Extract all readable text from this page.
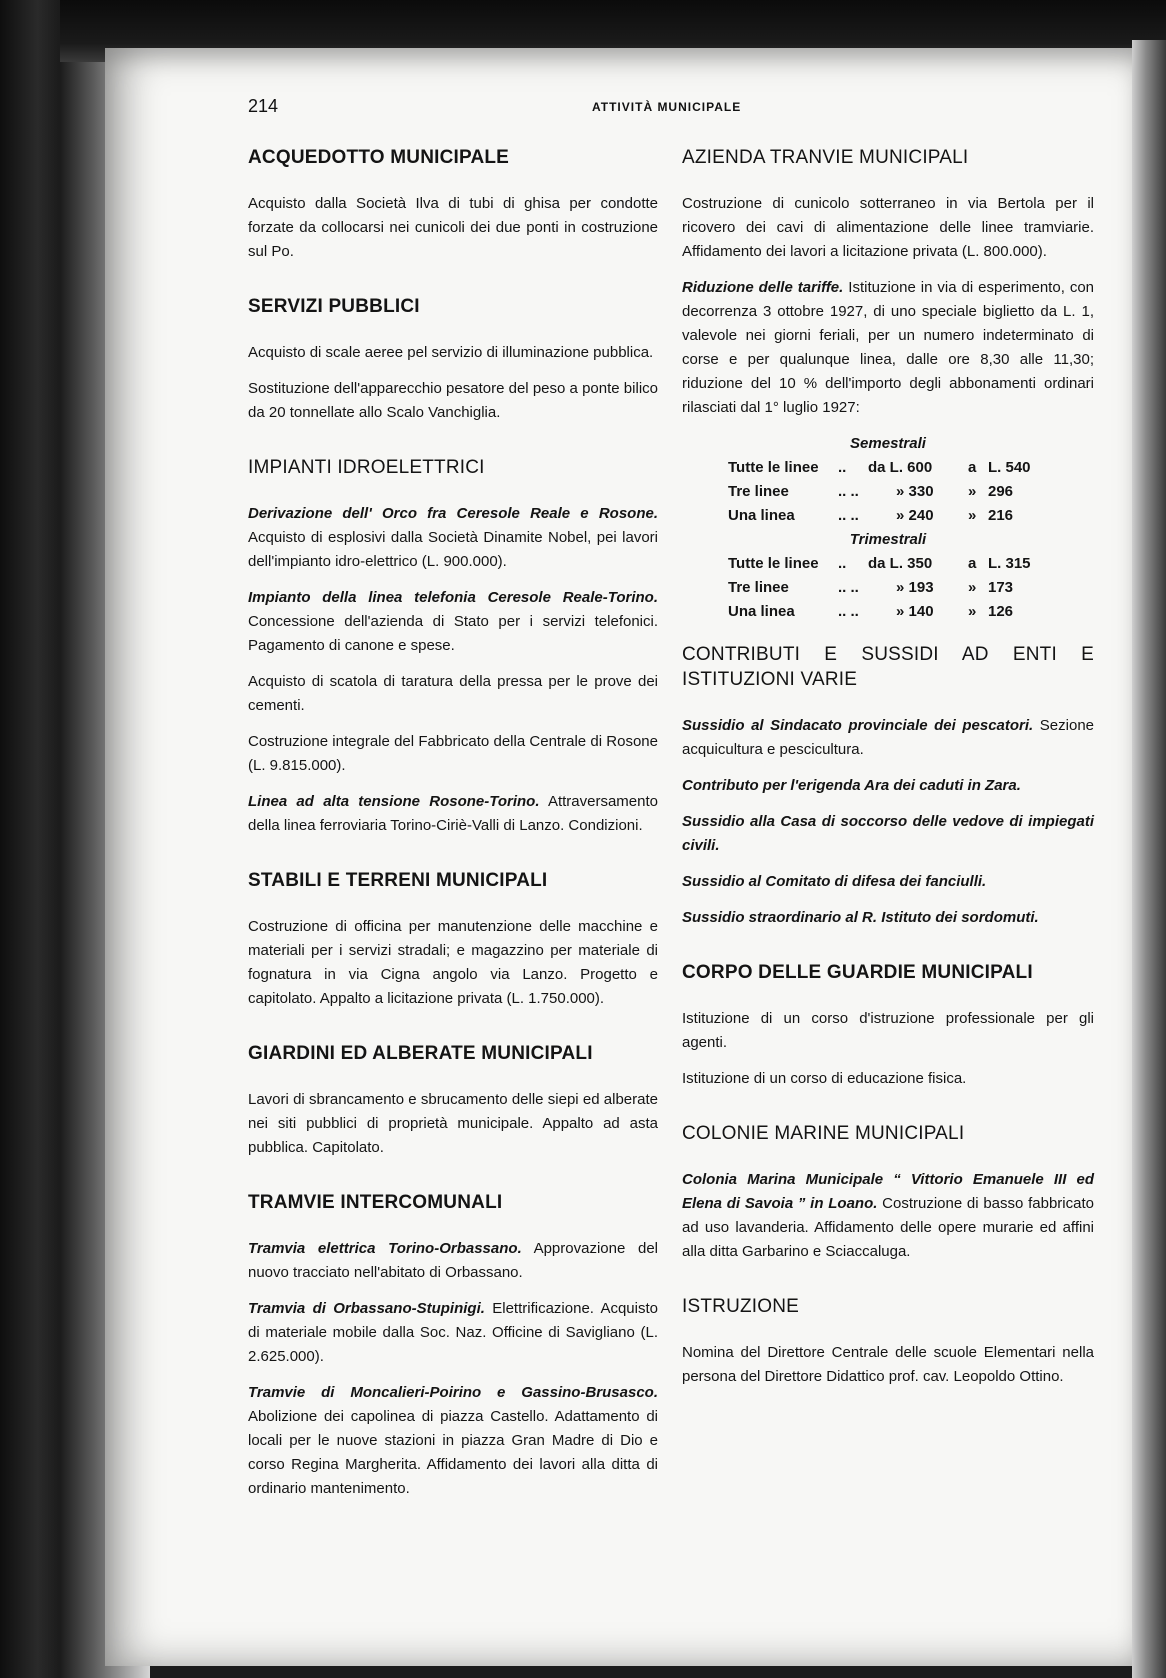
214	ATTIVITÀ MUNICIPALE
ACQUEDOTTO MUNICIPALE

Acquisto dalla Società Ilva di tubi di ghisa per condotte forzate da collocarsi nei cunicoli dei due ponti in costruzione sul Po.

SERVIZI PUBBLICI

Acquisto di scale aeree pel servizio di illuminazione pubblica.

Sostituzione dell'apparecchio pesatore del peso a ponte bilico da 20 tonnellate allo Scalo Vanchiglia.

IMPIANTI IDROELETTRICI

Derivazione dell' Orco fra Ceresole Reale e Rosone. Acquisto di esplosivi dalla Società Dinamite Nobel, pei lavori dell'impianto idro-elettrico (L. 900.000).

Impianto della linea telefonia Ceresole Reale-Torino. Concessione dell'azienda di Stato per i servizi telefonici. Pagamento di canone e spese.

Acquisto di scatola di taratura della pressa per le prove dei cementi.

Costruzione integrale del Fabbricato della Centrale di Rosone (L. 9.815.000).

Linea ad alta tensione Rosone-Torino. Attraversamento della linea ferroviaria Torino-Ciriè-Valli di Lanzo. Condizioni.

STABILI E TERRENI MUNICIPALI

Costruzione di officina per manutenzione delle macchine e materiali per i servizi stradali; e magazzino per materiale di fognatura in via Cigna angolo via Lanzo. Progetto e capitolato. Appalto a licitazione privata (L. 1.750.000).

GIARDINI ED ALBERATE MUNICIPALI

Lavori di sbrancamento e sbrucamento delle siepi ed alberate nei siti pubblici di proprietà municipale. Appalto ad asta pubblica. Capitolato.

TRAMVIE INTERCOMUNALI

Tramvia elettrica Torino-Orbassano. Approvazione del nuovo tracciato nell'abitato di Orbassano.

Tramvia di Orbassano-Stupinigi. Elettrificazione. Acquisto di materiale mobile dalla Soc. Naz. Officine di Savigliano (L. 2.625.000).

Tramvie di Moncalieri-Poirino e Gassino-Brusasco. Abolizione dei capolinea di piazza Castello. Adattamento di locali per le nuove stazioni in piazza Gran Madre di Dio e corso Regina Margherita. Affidamento dei lavori alla ditta di ordinario mantenimento.

AZIENDA TRANVIE MUNICIPALI

Costruzione di cunicolo sotterraneo in via Bertola per il ricovero dei cavi di alimentazione delle linee tramviarie. Affidamento dei lavori a licitazione privata (L. 800.000).

Riduzione delle tariffe. Istituzione in via di esperimento, con decorrenza 3 ottobre 1927, di uno speciale biglietto da L. 1, valevole nei giorni feriali, per un numero indeterminato di corse e per qualunque linea, dalle ore 8,30 alle 11,30; riduzione del 10 % dell'importo degli abbonamenti ordinari rilasciati dal 1° luglio 1927:

Semestrali

Tutte le linee .. da L. 600 a L. 540
Tre linee	.. .. » 330 » 296
Una linea	.. .. » 240 » 216

Trimestrali

Tutte le linee .. da L. 350 a L. 315
Tre linee	.. .. » 193 » 173
Una linea	.. .. » 140 » 126
CONTRIBUTI E SUSSIDI AD ENTI E ISTITUZIONI VARIE

Sussidio al Sindacato provinciale dei pescatori. Sezione acquicultura e pescicultura.

Contributo per l'erigenda Ara dei caduti in Zara.

Sussidio alla Casa di soccorso delle vedove di impiegati civili.

Sussidio al Comitato di difesa dei fanciulli.

Sussidio straordinario al R. Istituto dei sordomuti.

CORPO DELLE GUARDIE MUNICIPALI

Istituzione di un corso d'istruzione professionale per gli agenti.

Istituzione di un corso di educazione fisica.

COLONIE MARINE MUNICIPALI

Colonia Marina Municipale “ Vittorio Emanuele III ed Elena di Savoia ” in Loano. Costruzione di basso fabbricato ad uso lavanderia. Affidamento delle opere murarie ed affini alla ditta Garbarino e Sciaccaluga.

ISTRUZIONE

Nomina del Direttore Centrale delle scuole Elementari nella persona del Direttore Didattico prof. cav. Leopoldo Ottino.
